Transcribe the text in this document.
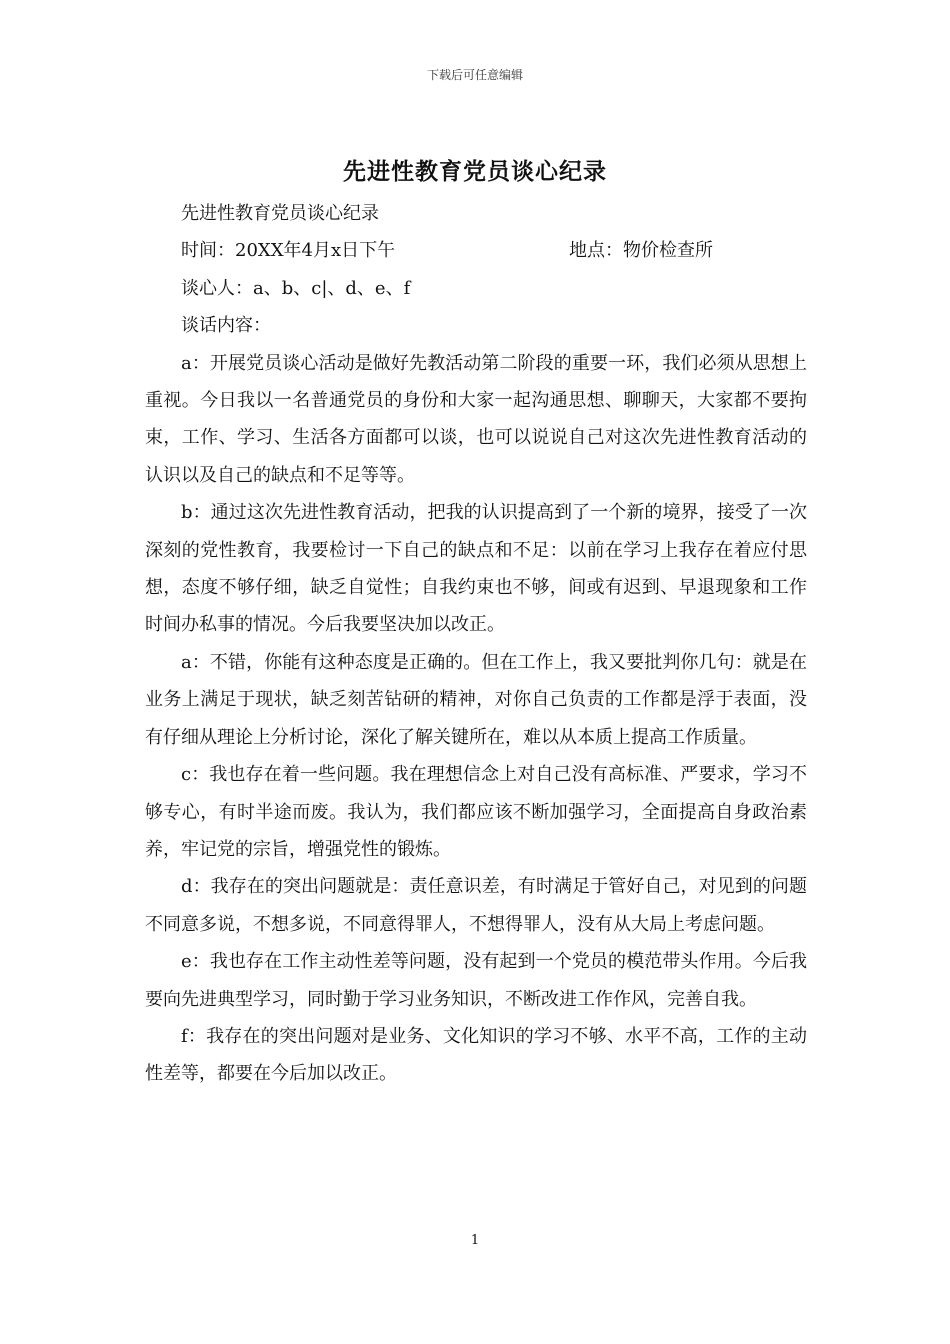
下载后可任意编辑
先进性教育党员谈心纪录

先进性教育党员谈心纪录

时间：20XX年4月x日下午	地点：物价检查所

谈心人：a、b、c|、d、e、f

谈话内容：

a：开展党员谈心活动是做好先教活动第二阶段的重要一环，我们必须从思想上重视。今日我以一名普通党员的身份和大家一起沟通思想、聊聊天，大家都不要拘束，工作、学习、生活各方面都可以谈，也可以说说自己对这次先进性教育活动的认识以及自己的缺点和不足等等。

b：通过这次先进性教育活动，把我的认识提高到了一个新的境界，接受了一次深刻的党性教育，我要检讨一下自己的缺点和不足：以前在学习上我存在着应付思想，态度不够仔细，缺乏自觉性；自我约束也不够，间或有迟到、早退现象和工作时间办私事的情况。今后我要坚决加以改正。

a：不错，你能有这种态度是正确的。但在工作上，我又要批判你几句：就是在业务上满足于现状，缺乏刻苦钻研的精神，对你自己负责的工作都是浮于表面，没有仔细从理论上分析讨论，深化了解关键所在，难以从本质上提高工作质量。

c：我也存在着一些问题。我在理想信念上对自己没有高标准、严要求，学习不够专心，有时半途而废。我认为，我们都应该不断加强学习，全面提高自身政治素养，牢记党的宗旨，增强党性的锻炼。

d：我存在的突出问题就是：责任意识差，有时满足于管好自己，对见到的问题不同意多说，不想多说，不同意得罪人，不想得罪人，没有从大局上考虑问题。

e：我也存在工作主动性差等问题，没有起到一个党员的模范带头作用。今后我要向先进典型学习，同时勤于学习业务知识，不断改进工作作风，完善自我。

f：我存在的突出问题对是业务、文化知识的学习不够、水平不高，工作的主动性差等，都要在今后加以改正。

1
